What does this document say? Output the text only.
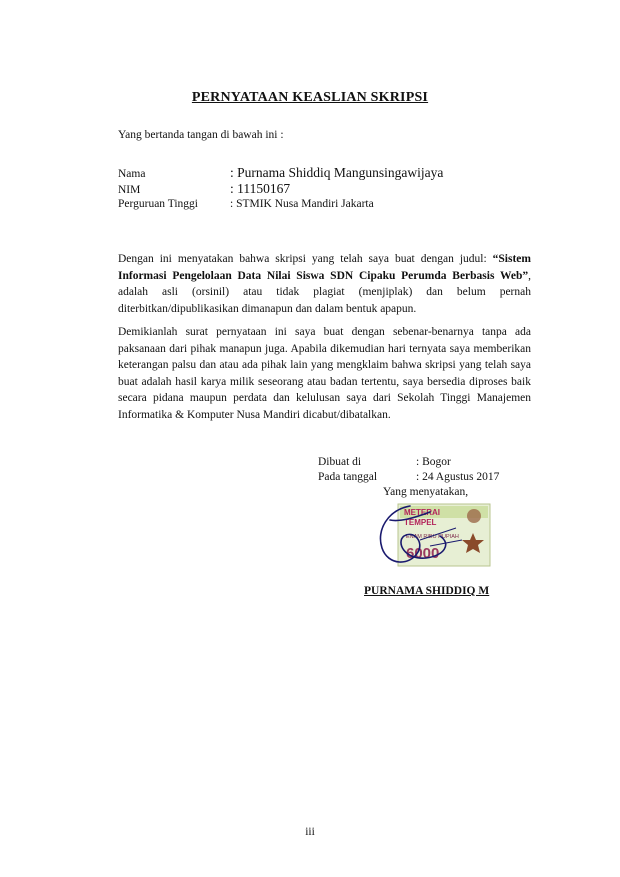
PERNYATAAN KEASLIAN SKRIPSI
Yang bertanda tangan di bawah ini :
Nama	: Purnama Shiddiq Mangunsingawijaya
NIM	: 11150167
Perguruan Tinggi	: STMIK Nusa Mandiri Jakarta

Dengan ini menyatakan bahwa skripsi yang telah saya buat dengan judul: “Sistem Informasi Pengelolaan Data Nilai Siswa SDN Cipaku Perumda Berbasis Web”, adalah asli (orsinil) atau tidak plagiat (menjiplak) dan belum pernah diterbitkan/dipublikasikan dimanapun dan dalam bentuk apapun.

Demikianlah surat pernyataan ini saya buat dengan sebenar-benarnya tanpa ada paksanaan dari pihak manapun juga. Apabila dikemudian hari ternyata saya memberikan keterangan palsu dan atau ada pihak lain yang mengklaim bahwa skripsi yang telah saya buat adalah hasil karya milik seseorang atau badan tertentu, saya bersedia diproses baik secara pidana maupun perdata dan kelulusan saya dari Sekolah Tinggi Manajemen Informatika & Komputer Nusa Mandiri dicabut/dibatalkan.

Dibuat di	: Bogor
Pada tanggal	: 24 Agustus 2017
Yang menyatakan,
METERAI
TEMPEL
ENAM RIBU RUPIAH
6000
PURNAMA SHIDDIQ M
iii
